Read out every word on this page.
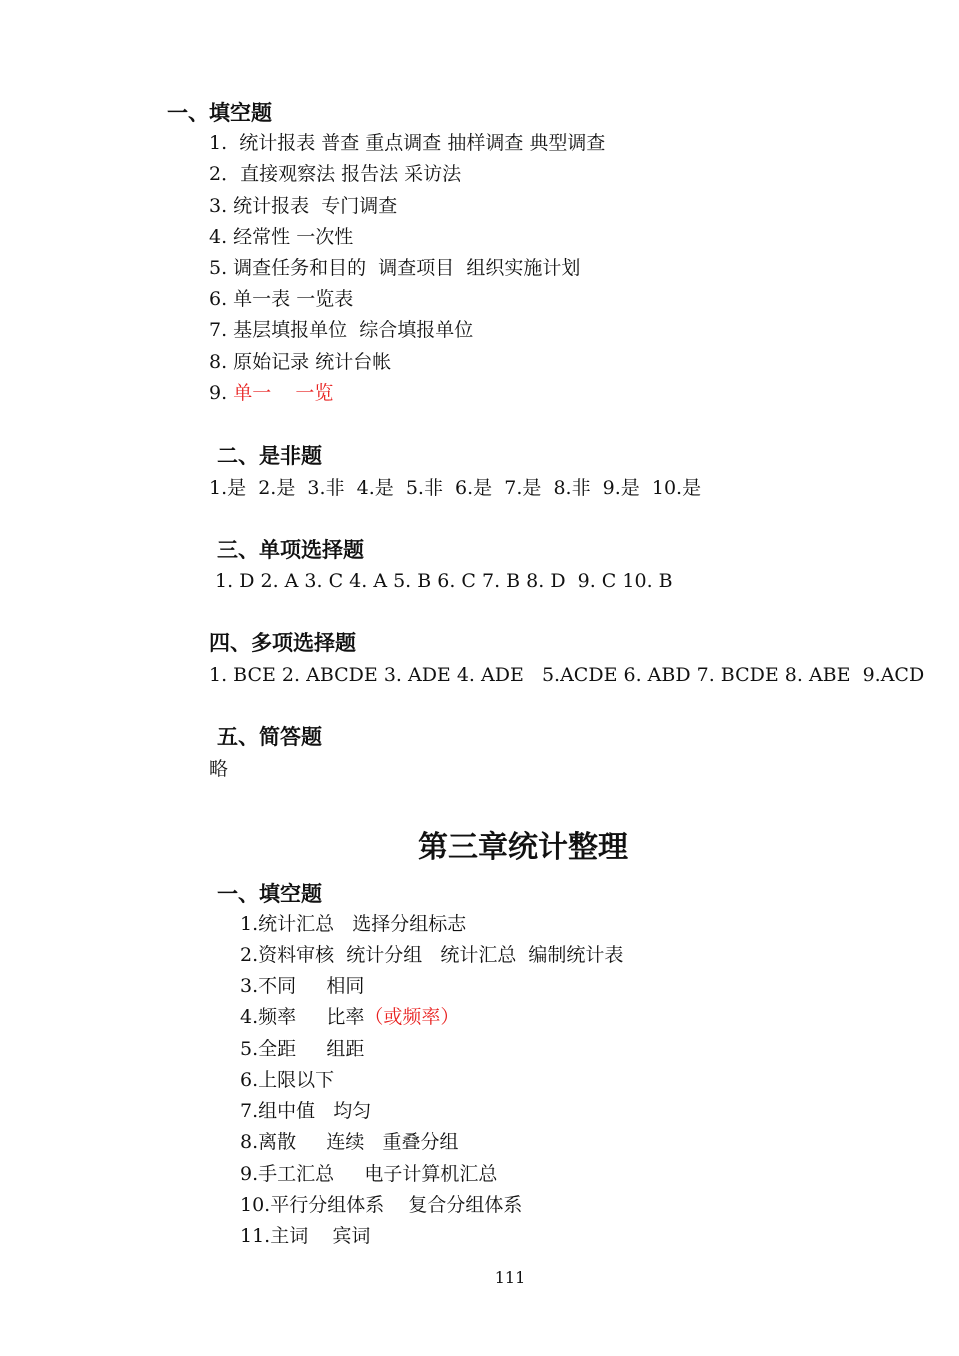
一、填空题
1.  统计报表 普查 重点调查 抽样调查 典型调查
2．直接观察法 报告法 采访法
3. 统计报表  专门调查
4. 经常性 一次性
5. 调查任务和目的  调查项目  组织实施计划
6. 单一表 一览表
7. 基层填报单位  综合填报单位
8. 原始记录 统计台帐
9. 单一    一览
二、是非题
1.是  2.是  3.非  4.是  5.非  6.是  7.是  8.非  9.是  10.是
三、单项选择题
1. D 2. A 3. C 4. A 5. B 6. C 7. B 8. D  9. C 10. B
四、多项选择题
1. BCE 2. ABCDE 3. ADE 4. ADE   5.ACDE 6. ABD 7. BCDE 8. ABE  9.ACD
五、简答题
略
第三章统计整理
一、填空题
1.统计汇总   选择分组标志
2.资料审核  统计分组   统计汇总  编制统计表
3.不同     相同
4.频率     比率（或频率）
5.全距     组距
6.上限以下
7.组中值   均匀
8.离散     连续   重叠分组
9.手工汇总     电子计算机汇总
10.平行分组体系    复合分组体系
11.主词    宾词
111
